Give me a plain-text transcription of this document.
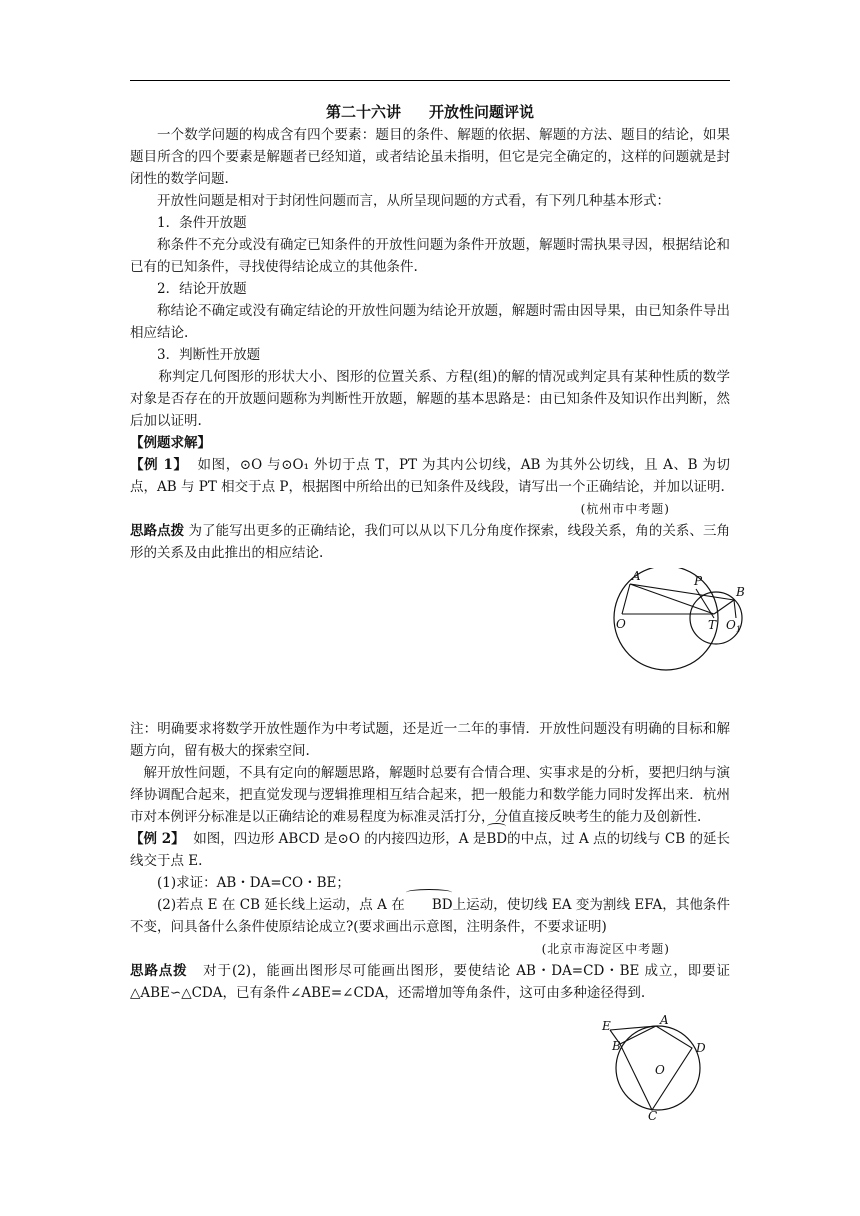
第二十六讲 开放性问题评说

一个数学问题的构成含有四个要素：题目的条件、解题的依据、解题的方法、题目的结论，如果题目所含的四个要素是解题者已经知道，或者结论虽未指明，但它是完全确定的，这样的问题就是封闭性的数学问题.

开放性问题是相对于封闭性问题而言，从所呈现问题的方式看，有下列几种基本形式：

1．条件开放题

称条件不充分或没有确定已知条件的开放性问题为条件开放题，解题时需执果寻因，根据结论和已有的已知条件，寻找使得结论成立的其他条件.

2．结论开放题

称结论不确定或没有确定结论的开放性问题为结论开放题，解题时需由因导果，由已知条件导出相应结论.

3．判断性开放题

称判定几何图形的形状大小、图形的位置关系、方程(组)的解的情况或判定具有某种性质的数学对象是否存在的开放题问题称为判断性开放题，解题的基本思路是：由已知条件及知识作出判断，然后加以证明.

【例题求解】

【例 1】 如图，⊙O 与⊙O₁ 外切于点 T，PT 为其内公切线，AB 为其外公切线，且 A、B 为切点，AB 与 PT 相交于点 P，根据图中所给出的已知条件及线段，请写出一个正确结论，并加以证明.

(杭州市中考题)

思路点拨 为了能写出更多的正确结论，我们可以从以下几分角度作探索，线段关系，角的关系、三角形的关系及由此推出的相应结论.

A	P
B
O	T $O_1$

注：明确要求将数学开放性题作为中考试题，还是近一二年的事情．开放性问题没有明确的目标和解题方向，留有极大的探索空间.

解开放性问题，不具有定向的解题思路，解题时总要有合情合理、实事求是的分析，要把归纳与演绎协调配合起来，把直觉发现与逻辑推理相互结合起来，把一般能力和数学能力同时发挥出来．杭州市对本例评分标准是以正确结论的难易程度为标准灵活打分，分值直接反映考生的能力及创新性.

【例 2】 如图，四边形 ABCD 是⊙O 的内接四边形，A 是BD的中点，过 A 点的切线与 CB 的延长线交于点 E.

(1)求证：AB・DA=CO・BE；

(2)若点 E 在 CB 延长线上运动，点 A 在 BD上运动，使切线 EA 变为割线 EFA，其他条件不变，问具备什么条件使原结论成立?(要求画出示意图，注明条件，不要求证明)

(北京市海淀区中考题)

思路点拨 对于(2)，能画出图形尽可能画出图形，要使结论 AB・DA=CD・BE 成立，即要证△ABE∽△CDA，已有条件∠ABE=∠CDA，还需增加等角条件，这可由多种途径得到.

E	A
B	D
O
C
